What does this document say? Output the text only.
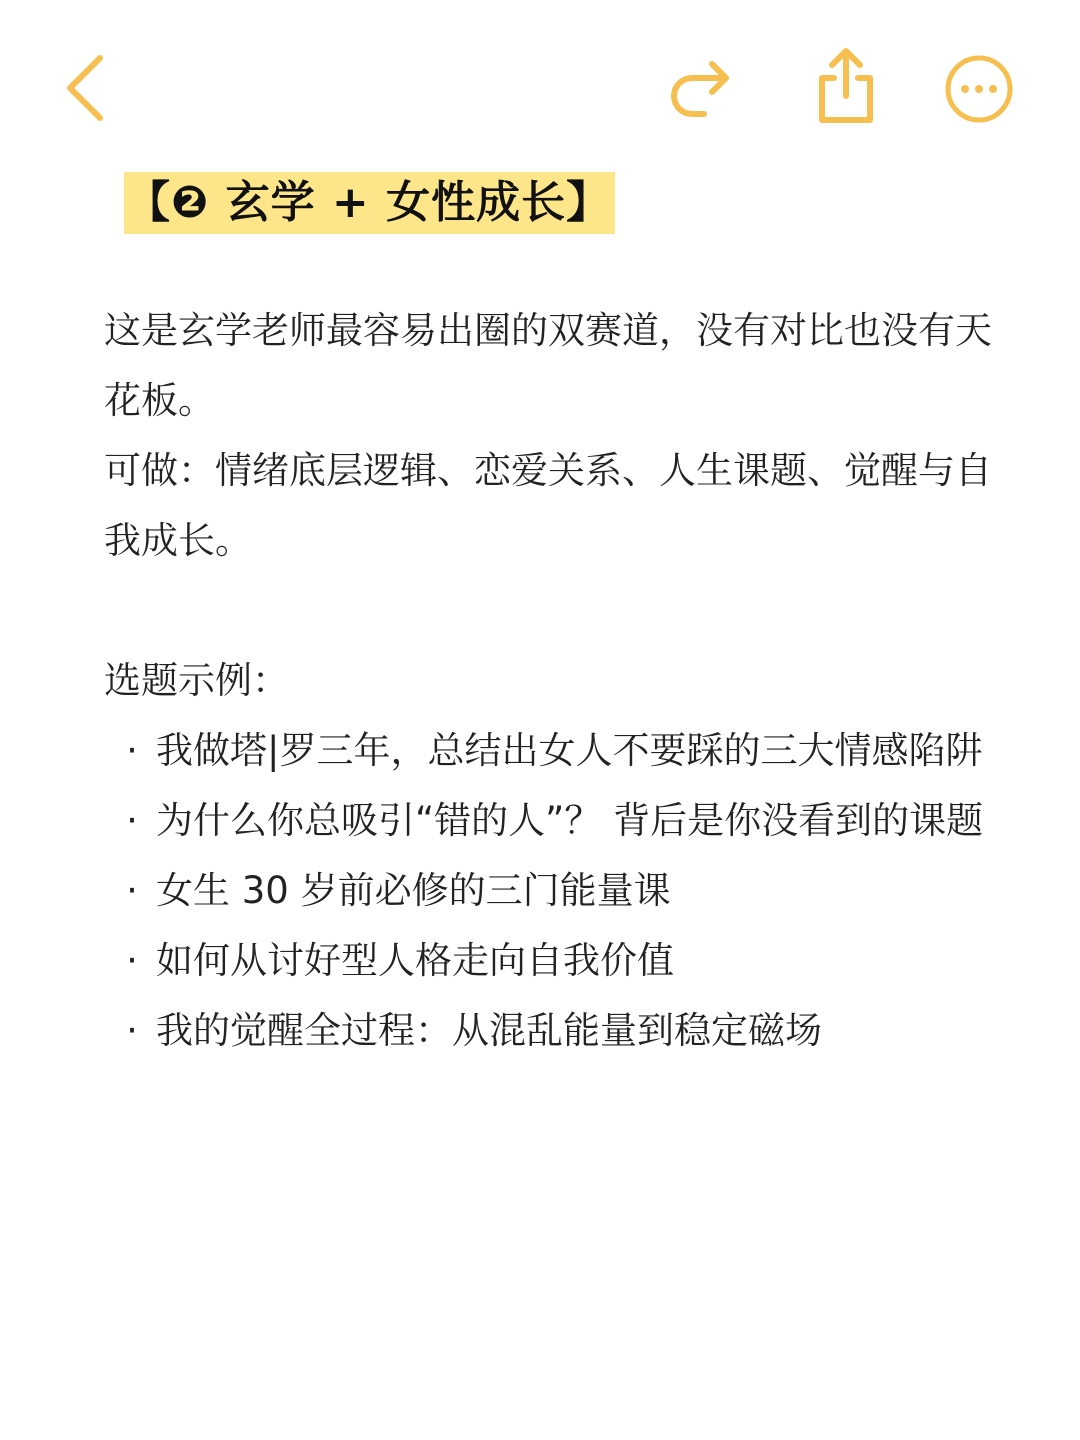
【❷ 玄学 + 女性成长】
这是玄学老师最容易出圈的双赛道，没有对比也没有天花板。
可做：情绪底层逻辑、恋爱关系、人生课题、觉醒与自我成长。
选题示例：
· 我做塔|罗三年，总结出女人不要踩的三大情感陷阱
· 为什么你总吸引“错的人”？ 背后是你没看到的课题
· 女生 30 岁前必修的三门能量课
· 如何从讨好型人格走向自我价值
· 我的觉醒全过程：从混乱能量到稳定磁场
